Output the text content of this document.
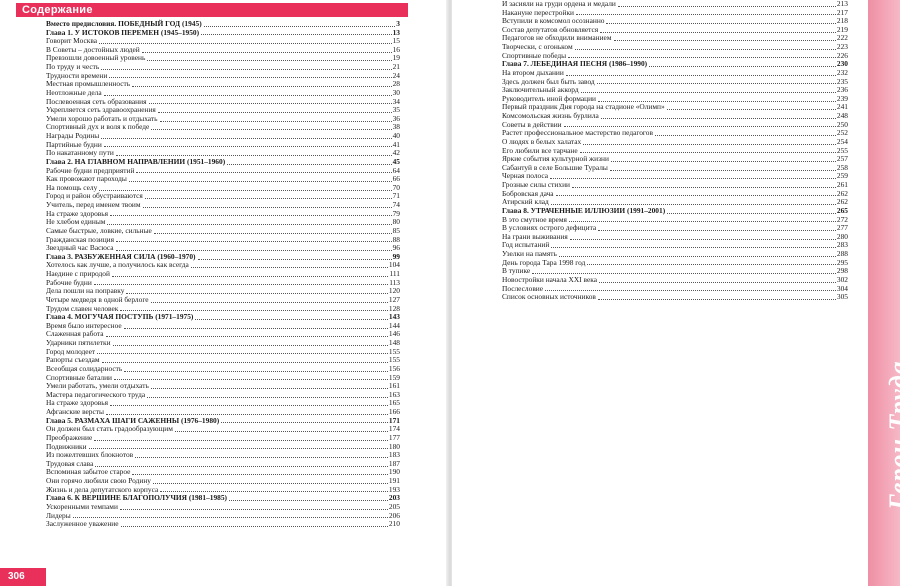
Содержание
Вместо предисловия. ПОБЕДНЫЙ ГОД (1945)	3
Глава 1. У ИСТОКОВ ПЕРЕМЕН (1945–1950)	13
Говорит Москва	15
В Советы – достойных людей	16
Превзошли довоенный уровень	19
По труду и честь	21
Трудности времени	24
Местная промышленность	28
Неотложные дела	30
Послевоенная сеть образования	34
Укрепляется сеть здравоохранения	35
Умели хорошо работать и отдыхать	36
Спортивный дух и воля к победе	38
Награды Родины	40
Партийные будни	41
По накатанному пути	42
Глава 2. НА ГЛАВНОМ НАПРАВЛЕНИИ (1951–1960)	45
Рабочие будни предприятий	64
Как провожают пароходы	66
На помощь селу	70
Город и район обустраиваются	71
Учитель, перед именем твоим	74
На страже здоровья	79
Не хлебом единым	80
Самые быстрые, ловкие, сильные	85
Гражданская позиция	88
Звездный час Васюса	96
Глава 3. РАЗБУЖЕННАЯ СИЛА (1960–1970)	99
Хотелось как лучше, а получилось как всегда	104
Наедине с природой	111
Рабочие будни	113
Дела пошли на поправку	120
Четыре медведя в одной берлоге	127
Трудом славен человек	128
Глава 4. МОГУЧАЯ ПОСТУПЬ (1971–1975)	143
Время было интересное	144
Слаженная работа	146
Ударники пятилетки	148
Город молодеет	155
Рапорты съездам	155
Всеобщая солидарность	156
Спортивные баталии	159
Умели работать, умели отдыхать	161
Мастера педагогического труда	163
На страже здоровья	165
Афганские версты	166
Глава 5. РАЗМАХА ШАГИ САЖЕННЫ (1976–1980)	171
Он должен был стать градообразующим	174
Преображение	177
Подвижники	180
Из пожелтевших блокнотов	183
Трудовая слава	187
Вспоминая забытое старое	190
Они горячо любили свою Родину	191
Жизнь и дела депутатского корпуса	193
Глава 6. К ВЕРШИНЕ БЛАГОПОЛУЧИЯ (1981–1985)	203
Ускоренными темпами	205
Лидеры	206
Заслуженное уважение	210
306
И засияли на груди ордена и медали	213
Накануне перестройки	217
Вступили в комсомол осознанно	218
Состав депутатов обновляется	219
Педагогов не обходили вниманием	222
Творчески, с огоньком	223
Спортивные победы	226
Глава 7. ЛЕБЕДИНАЯ ПЕСНЯ (1986–1990)	230
На втором дыхании	232
Здесь должен был быть завод	235
Заключительный аккорд	236
Руководитель иной формации	239
Первый праздник Дня города на стадионе «Олимп»	241
Комсомольская жизнь бурлила	248
Советы в действии	250
Растет профессиональное мастерство педагогов	252
О людях в белых халатах	254
Его любили все тарчане	255
Яркие события культурной жизни	257
Сабантуй в селе Большие Туралы	258
Черная полоса	259
Грозные силы стихии	261
Бобровская дача	262
Атирский клад	262
Глава 8. УТРАЧЕННЫЕ ИЛЛЮЗИИ (1991–2001)	265
В это смутное время	272
В условиях острого дефицита	277
На грани выживания	280
Год испытаний	283
Узелки на память	288
День города Тара 1998 год	295
В тупике	298
Новостройки начала XXI века	302
Послесловие	304
Список основных источников	305
Герои Труда
